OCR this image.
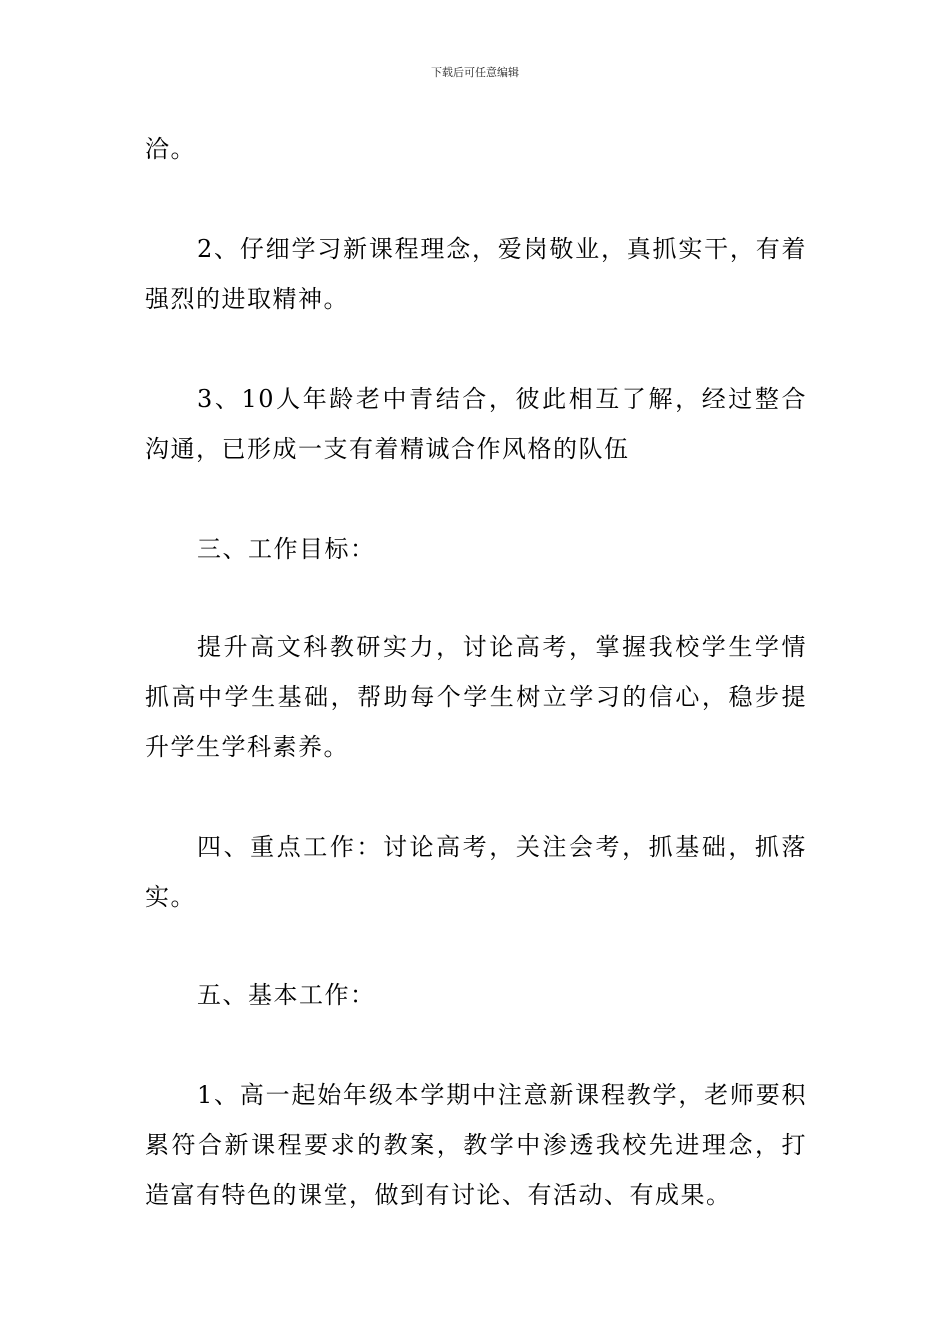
下载后可任意编辑

洽。

2、仔细学习新课程理念，爱岗敬业，真抓实干，有着强烈的进取精神。

3、10人年龄老中青结合，彼此相互了解，经过整合沟通，已形成一支有着精诚合作风格的队伍

三、工作目标：

提升高文科教研实力，讨论高考，掌握我校学生学情抓高中学生基础，帮助每个学生树立学习的信心，稳步提升学生学科素养。

四、重点工作：讨论高考，关注会考，抓基础，抓落实。

五、基本工作：

1、高一起始年级本学期中注意新课程教学，老师要积累符合新课程要求的教案，教学中渗透我校先进理念，打造富有特色的课堂，做到有讨论、有活动、有成果。
